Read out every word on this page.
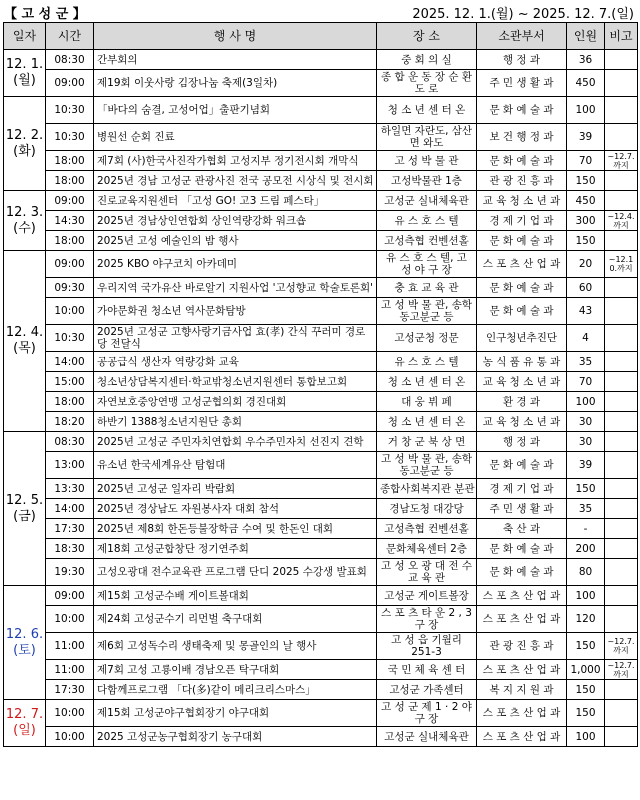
【 고 성 군 】	2025. 12. 1.(월) ~ 2025. 12. 7.(일)
일자	시간	행 사 명	장 소	소관부서	인원	비고

12. 1.
(월)	08:30	간부회의	중 회 의 실	행 정 과	36	
	09:00	제19회 이웃사랑 김장나눔 축제(3일차)	종 합 운 동 장 순 환 도 로	주 민 생 활 과	450	

12. 2.
(화)	10:30	「바다의 숨결, 고성어업」출판기념회	청 소 년 센 터 온	문 화 예 술 과	100	
	10:30	병원선 순회 진료	하일면 자란도, 삼산면 와도	보 건 행 정 과	39	
	18:00	제7회 (사)한국사진작가협회 고성지부 정기전시회 개막식	고 성 박 물 관	문 화 예 술 과	70	~12.7. 까지
	18:00	2025년 경남 고성군 관광사진 전국 공모전 시상식 및 전시회	고성박물관 1층	관 광 진 흥 과	150	

12. 3.
(수)	09:00	진로교육지원센터 「고성 GO! 고3 드림 페스타」	고성군 실내체육관	교 육 청 소 년 과	450	
	14:30	2025년 경남상인연합회 상인역량강화 워크숍	유 스 호 스 텔	경 제 기 업 과	300	~12.4. 까지
	18:00	2025년 고성 예술인의 밤 행사	고성측협 컨벤션홀	문 화 예 술 과	150	

12. 4.
(목)	09:00	2025 KBO 야구코치 아카데미	유 스 호 스 텔, 고 성 야 구 장	스 포 츠 산 업 과	20	~12.1 0.까지
	09:30	우리지역 국가유산 바로알기 지원사업 '고성향교 학술토론회'	충 효 교 육 관	문 화 예 술 과	60	
	10:00	가야문화권 청소년 역사문화탐방	고 성 박 물 관, 송학동고분군 등	문 화 예 술 과	43	
	10:30	2025년 고성군 고향사랑기금사업 효(孝) 간식 꾸러미 경로당 전달식	고성군청 정문	인구청년추진단	4	
	14:00	공공급식 생산자 역량강화 교육	유 스 호 스 텔	농 식 품 유 통 과	35	
	15:00	청소년상담복지센터·학교밖청소년지원센터 통합보고회	청 소 년 센 터 온	교 육 청 소 년 과	70	
	18:00	자연보호중앙연맹 고성군협의회 경진대회	대 웅 뷔 페	환 경 과	100	
	18:20	하반기 1388청소년지원단 총회	청 소 년 센 터 온	교 육 청 소 년 과	30	

12. 5.
(금)	08:30	2025년 고성군 주민자치연합회 우수주민자치 선진지 견학	거 창 군 북 상 면	행 정 과	30	
	13:00	유소년 한국세계유산 탐험대	고 성 박 물 관, 송학동고분군 등	문 화 예 술 과	39	
	13:30	2025년 고성군 일자리 박람회	종합사회복지관 분관	경 제 기 업 과	150	
	14:00	2025년 경상남도 자원봉사자 대회 참석	경남도청 대강당	주 민 생 활 과	35	
	17:30	2025년 제8회 한돈등불장학금 수여 및 한돈인 대회	고성측협 컨벤션홀	축 산 과	-	
	18:30	제18회 고성군합창단 정기연주회	문화체육센터 2층	문 화 예 술 과	200	
	19:30	고성오광대 전수교육관 프로그램 단디 2025 수강생 발표회	고 성 오 광 대 전 수 교 육 관	문 화 예 술 과	80	

12. 6.
(토)	09:00	제15회 고성군수배 게이트볼대회	고성군 게이트볼장	스 포 츠 산 업 과	100	
	10:00	제24회 고성군수기 리먼벌 축구대회	스 포 츠 타 운 2 , 3 구 장	스 포 츠 산 업 과	120	
	11:00	제6회 고성독수리 생태축제 및 몽골인의 날 행사	고 성 읍 기월리 251-3	관 광 진 흥 과	150	~12.7. 까지
	11:00	제7회 고성 고룡이배 경남오픈 탁구대회	국 민 체 육 센 터	스 포 츠 산 업 과	1,000	~12.7. 까지
	17:30	다함께프로그램 「다(多)같이 메리크리스마스」	고성군 가족센터	복 지 지 원 과	150	

12. 7.
(일)	10:00	제15회 고성군야구협회장기 야구대회	고 성 군 제 1 · 2 야 구 장	스 포 츠 산 업 과	150	
	10:00	2025 고성군농구협회장기 농구대회	고성군 실내체육관	스 포 츠 산 업 과	100	
